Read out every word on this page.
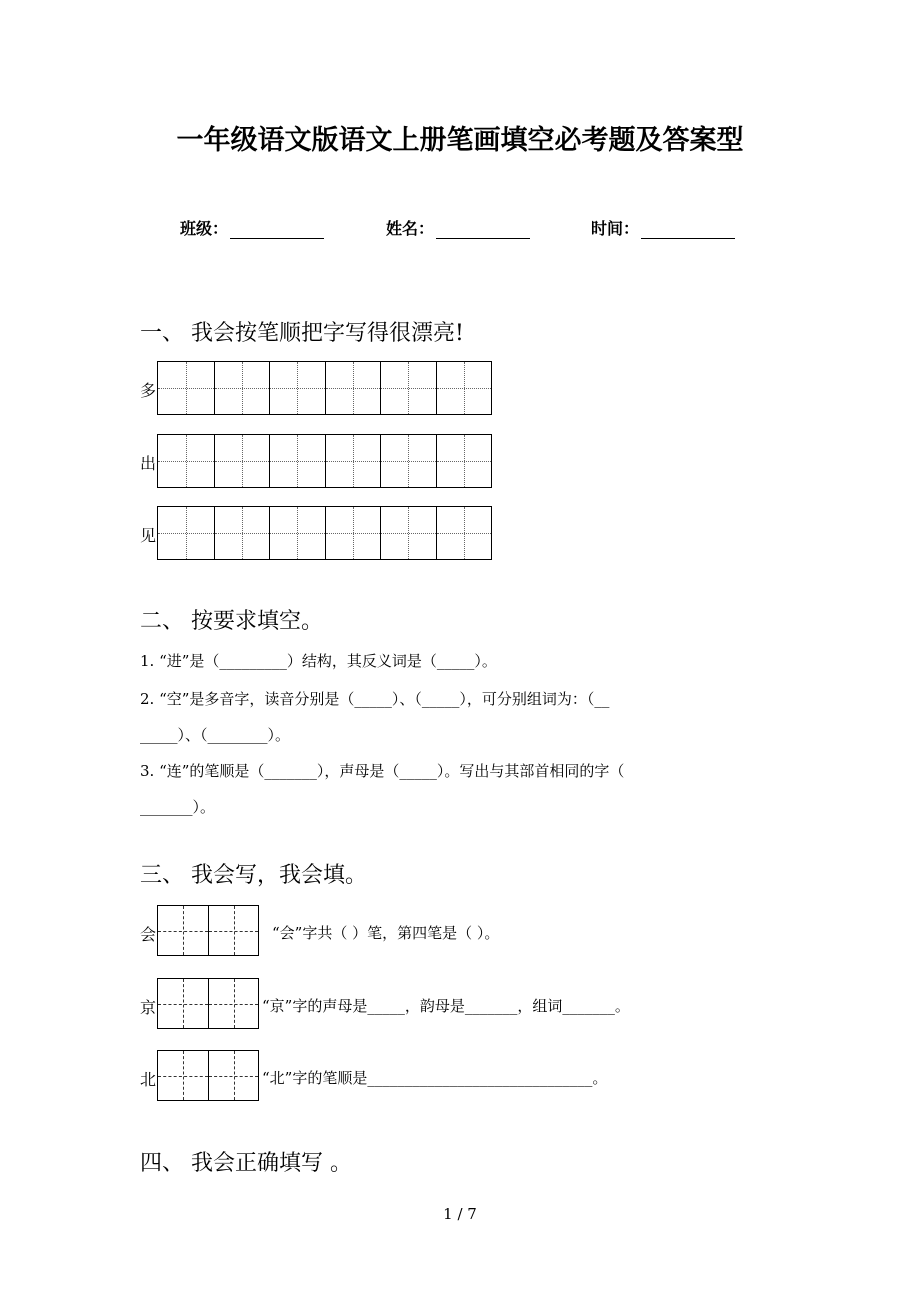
一年级语文版语文上册笔画填空必考题及答案型
班级：	姓名：	时间：
一、 我会按笔顺把字写得很漂亮!
多
出
见
二、 按要求填空。
1. “进”是（_________）结构，其反义词是（_____）。
2. “空”是多音字，读音分别是（_____）、（_____），可分别组词为：（__
_____）、（________）。
3. “连”的笔顺是（_______），声母是（_____）。写出与其部首相同的字（
_______）。
三、 我会写，我会填。
会	“会”字共（ ）笔，第四笔是（ ）。
京	“京”字的声母是_____，韵母是_______，组词_______。
北	“北”字的笔顺是______________________________。
四、 我会正确填写 。
1 / 7
